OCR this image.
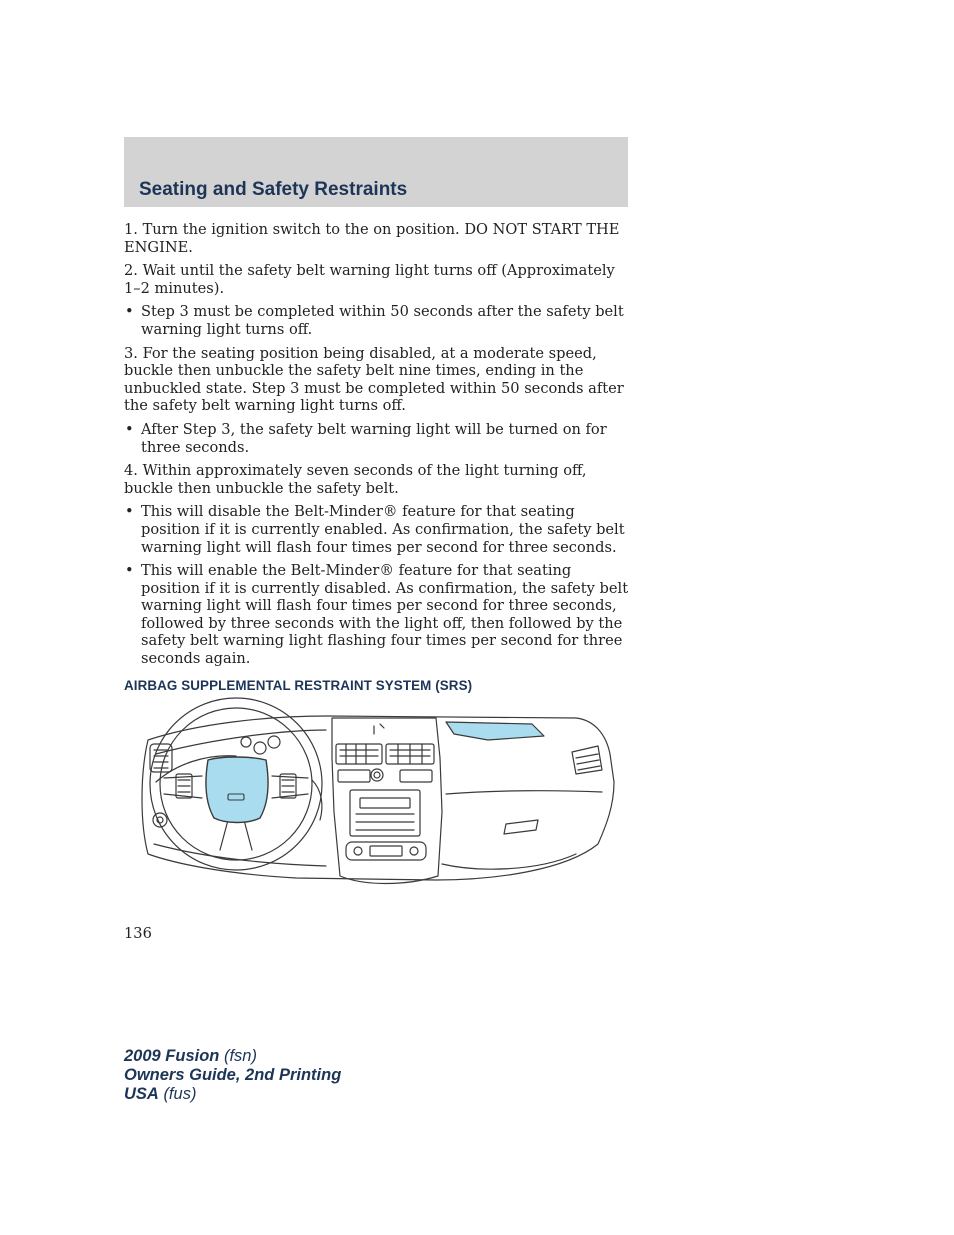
Seating and Safety Restraints

1. Turn the ignition switch to the on position. DO NOT START THE ENGINE.

2. Wait until the safety belt warning light turns off (Approximately 1–2 minutes).

• Step 3 must be completed within 50 seconds after the safety belt warning light turns off.

3. For the seating position being disabled, at a moderate speed, buckle then unbuckle the safety belt nine times, ending in the unbuckled state. Step 3 must be completed within 50 seconds after the safety belt warning light turns off.

• After Step 3, the safety belt warning light will be turned on for three seconds.

4. Within approximately seven seconds of the light turning off, buckle then unbuckle the safety belt.

• This will disable the Belt-Minder® feature for that seating position if it is currently enabled. As confirmation, the safety belt warning light will flash four times per second for three seconds.
• This will enable the Belt-Minder® feature for that seating position if it is currently disabled. As confirmation, the safety belt warning light will flash four times per second for three seconds, followed by three seconds with the light off, then followed by the safety belt warning light flashing four times per second for three seconds again.
AIRBAG SUPPLEMENTAL RESTRAINT SYSTEM (SRS)
136
2009 Fusion (fsn)
Owners Guide, 2nd Printing
USA (fus)
